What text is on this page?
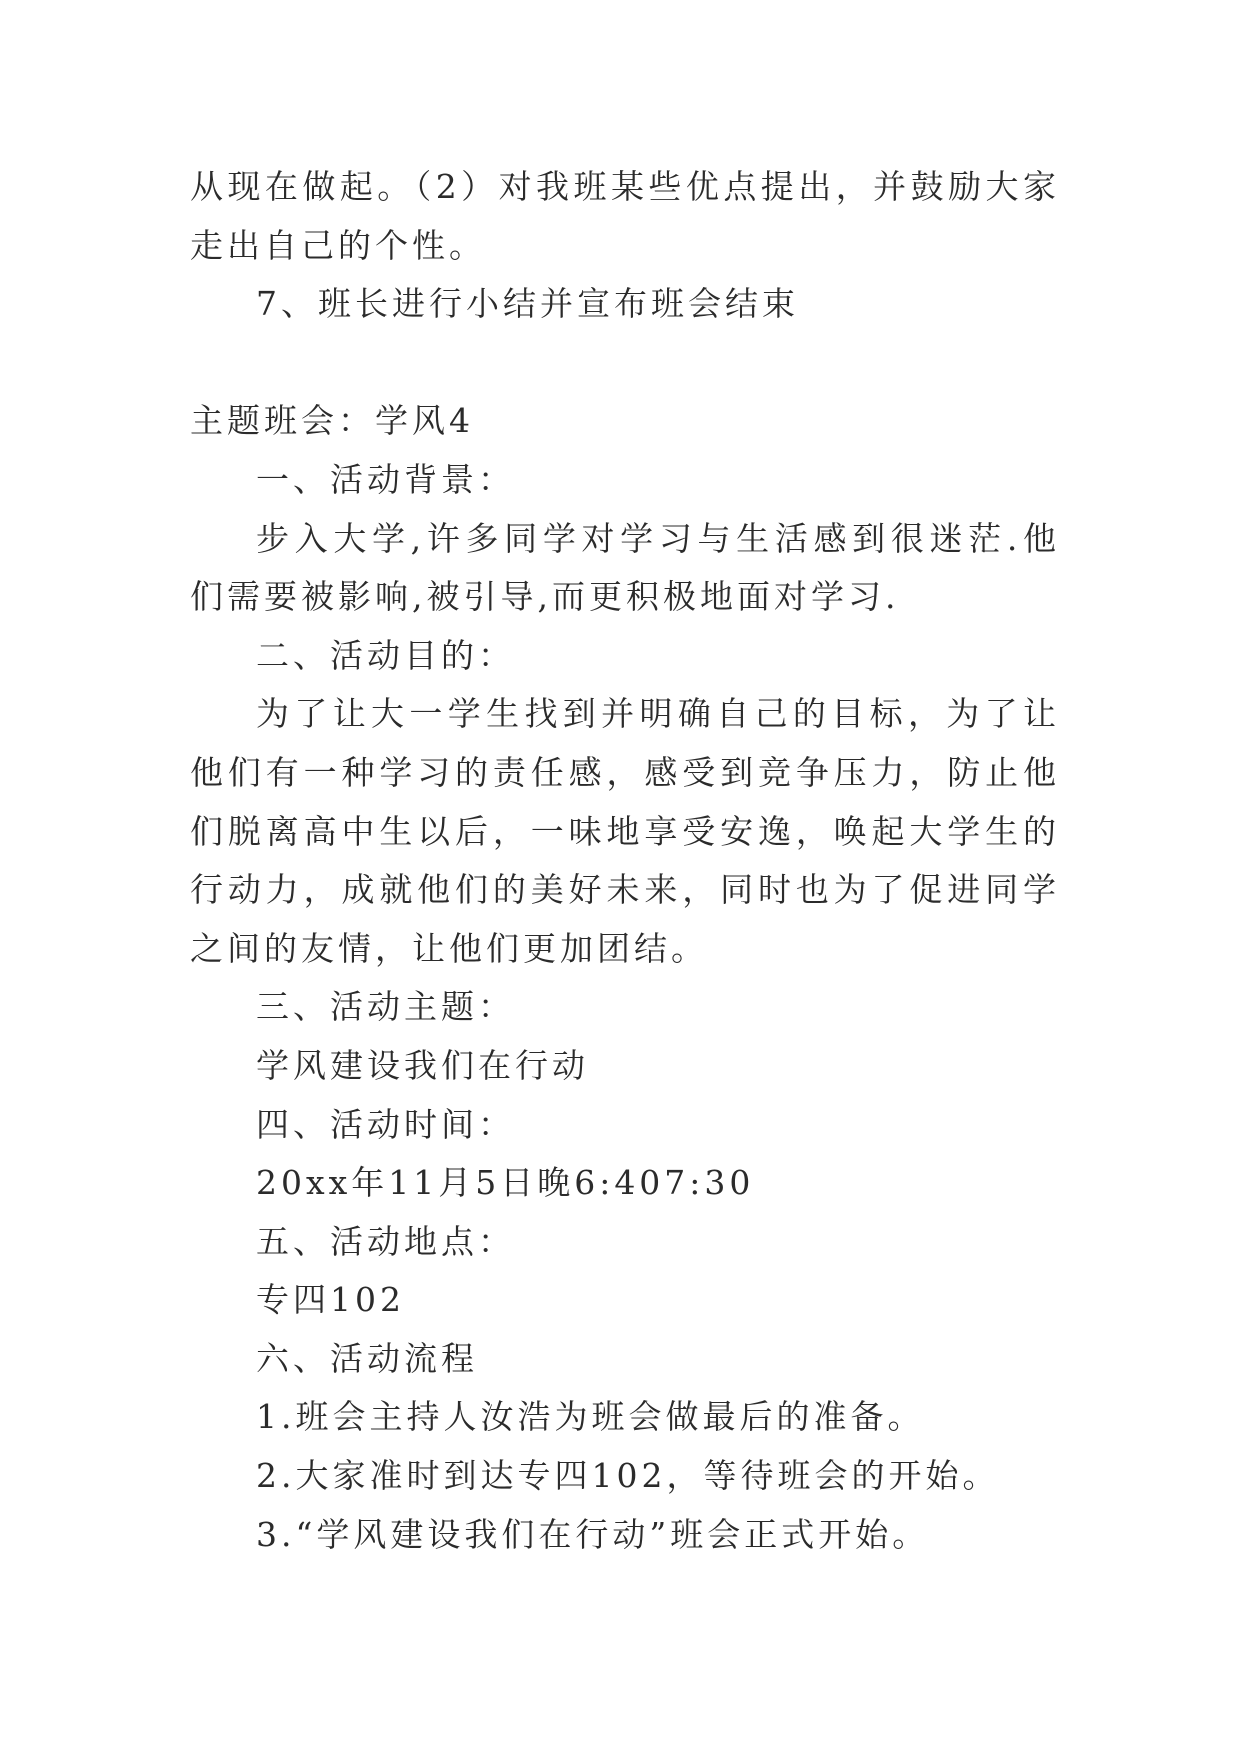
从现在做起。（2）对我班某些优点提出，并鼓励大家走出自己的个性。

7、班长进行小结并宣布班会结束

主题班会：学风4

一、活动背景：

步入大学,许多同学对学习与生活感到很迷茫.他们需要被影响,被引导,而更积极地面对学习.

二、活动目的：

为了让大一学生找到并明确自己的目标，为了让他们有一种学习的责任感，感受到竞争压力，防止他们脱离高中生以后，一味地享受安逸，唤起大学生的行动力，成就他们的美好未来，同时也为了促进同学之间的友情，让他们更加团结。

三、活动主题：

学风建设我们在行动

四、活动时间：

20xx年11月5日晚6:407:30

五、活动地点：

专四102

六、活动流程

1.班会主持人汝浩为班会做最后的准备。

2.大家准时到达专四102，等待班会的开始。

3.“学风建设我们在行动”班会正式开始。
